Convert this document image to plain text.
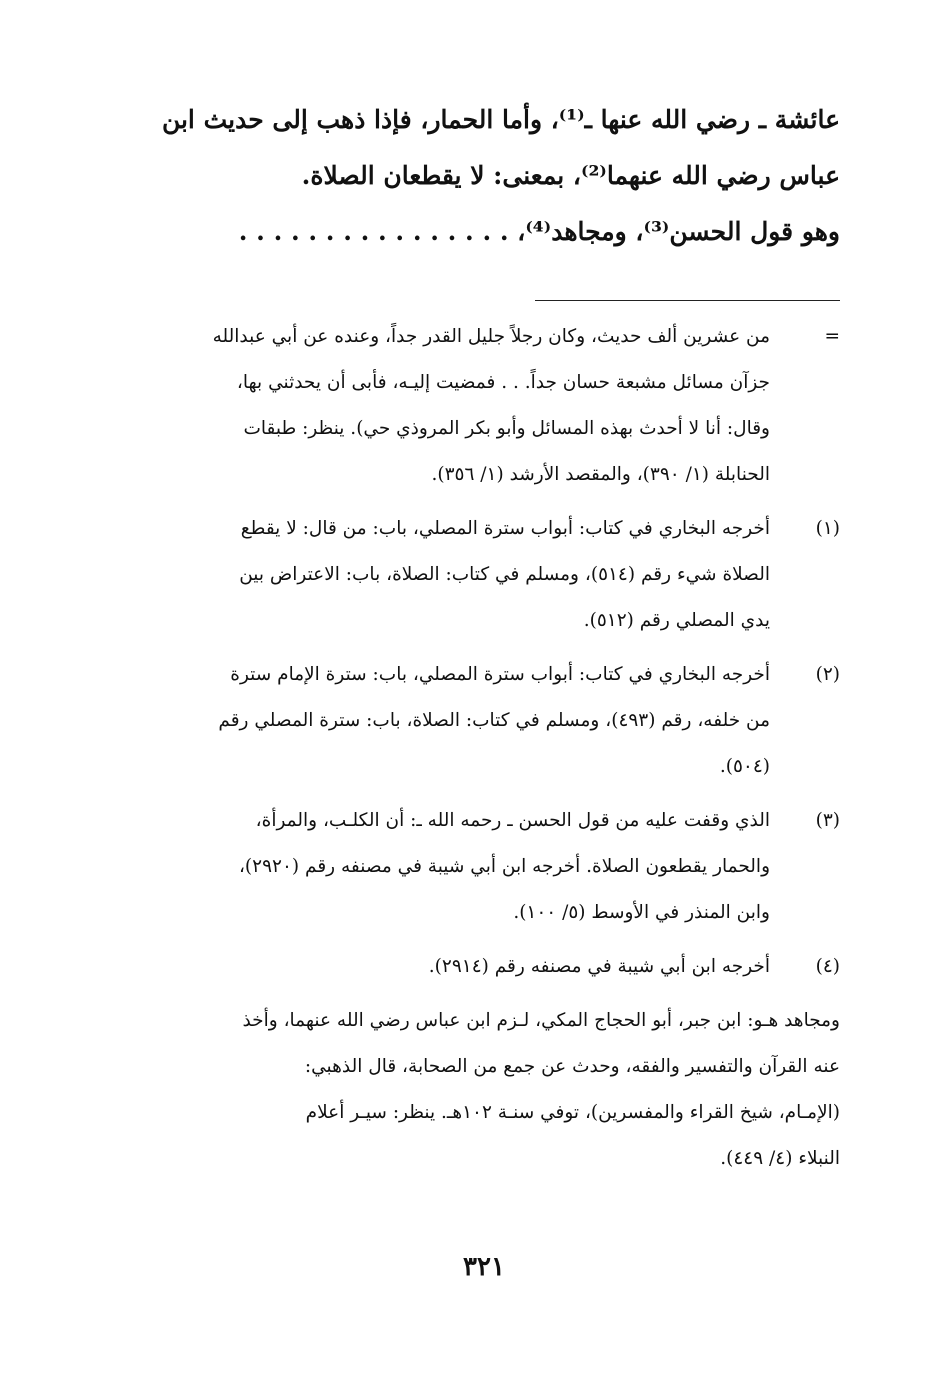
عائشة ـ رضي الله عنها ـ⁽¹⁾، وأما الحمار، فإذا ذهب إلى حديث ابن

عباس رضي الله عنهما⁽²⁾، بمعنى: لا يقطعان الصلاة.

وهو قول الحسن⁽³⁾، ومجاهد⁽⁴⁾، . . . . . . . . . . . . . . . .

=
من عشرين ألف حديث، وكان رجلاً جليل القدر جداً، وعنده عن أبي عبدالله
جزآن مسائل مشبعة حسان جداً. . . فمضيت إليـه، فأبى أن يحدثني بها،
وقال: أنا لا أحدث بهذه المسائل وأبو بكر المروذي حي). ينظر: طبقات
الحنابلة (١/ ٣٩٠)، والمقصد الأرشد (١/ ٣٥٦).
(١)
أخرجه البخاري في كتاب: أبواب سترة المصلي، باب: من قال: لا يقطع
الصلاة شيء رقم (٥١٤)، ومسلم في كتاب: الصلاة، باب: الاعتراض بين
يدي المصلي رقم (٥١٢).
(٢)
أخرجه البخاري في كتاب: أبواب سترة المصلي، باب: سترة الإمام سترة
من خلفه، رقم (٤٩٣)، ومسلم في كتاب: الصلاة، باب: سترة المصلي رقم
(٥٠٤).
(٣)
الذي وقفت عليه من قول الحسن ـ رحمه الله ـ: أن الكلـب، والمرأة،
والحمار يقطعون الصلاة. أخرجه ابن أبي شيبة في مصنفه رقم (٢٩٢٠)،
وابن المنذر في الأوسط (٥/ ١٠٠).
(٤)
أخرجه ابن أبي شيبة في مصنفه رقم (٢٩١٤).
ومجاهد هـو: ابن جبر، أبو الحجاج المكي، لـزم ابن عباس رضي الله عنهما، وأخذ
عنه القرآن والتفسير والفقه، وحدث عن جمع من الصحابة، قال الذهبي:
(الإمـام، شيخ القراء والمفسرين)، توفي سنـة ١٠٢هـ. ينظر: سيـر أعلام
النبلاء (٤/ ٤٤٩).
٣٢١
